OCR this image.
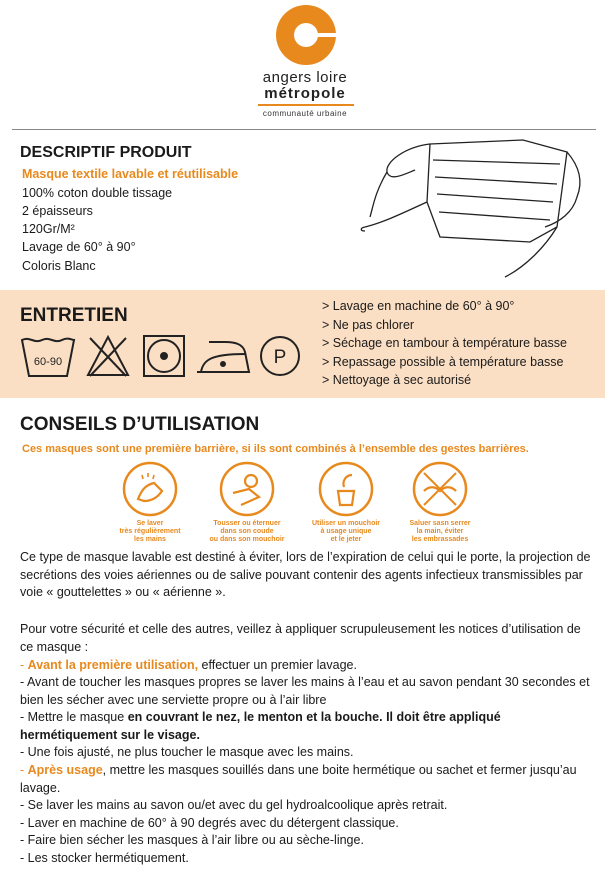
angers loire
métropole
communauté urbaine
DESCRIPTIF PRODUIT
Masque textile lavable et réutilisable
100% coton double tissage
2 épaisseurs
120Gr/M²
Lavage de 60° à 90°
Coloris Blanc
ENTRETIEN
60-90	P
> Lavage en machine de 60° à 90°
> Ne pas chlorer
> Séchage en tambour à température basse
> Repassage possible à température basse
> Nettoyage à sec autorisé
CONSEILS D’UTILISATION
Ces masques sont une première barrière, si ils sont combinés à l’ensemble des gestes barrières.
Se laver
très régulièrement
les mains
Tousser ou éternuer
dans son coude
ou dans son mouchoir
Utiliser un mouchoir
à usage unique
et le jeter
Saluer sasn serrer
la main, éviter
les embrassades
Ce type de masque lavable est destiné à éviter, lors de l’expiration de celui qui le porte, la projection de secrétions des voies aériennes ou de salive pouvant contenir des agents infectieux transmissibles par voie « gouttelettes » ou « aérienne ».
Pour votre sécurité et celle des autres, veillez à appliquer scrupuleusement les notices d’utilisation de ce masque :
- Avant la première utilisation, effectuer un premier lavage.
- Avant de toucher les masques propres se laver les mains à l’eau et au savon pendant 30 secondes et bien les sécher avec une serviette propre ou à l’air libre
- Mettre le masque en couvrant le nez, le menton et la bouche. Il doit être appliqué hermétiquement sur le visage.
- Une fois ajusté, ne plus toucher le masque avec les mains.
- Après usage, mettre les masques souillés dans une boite hermétique ou sachet et fermer jusqu’au lavage.
- Se laver les mains au savon ou/et avec du gel hydroalcoolique après retrait.
- Laver en machine de 60° à 90 degrés avec du détergent classique.
- Faire bien sécher les masques à l’air libre ou au sèche-linge.
- Les stocker hermétiquement.
